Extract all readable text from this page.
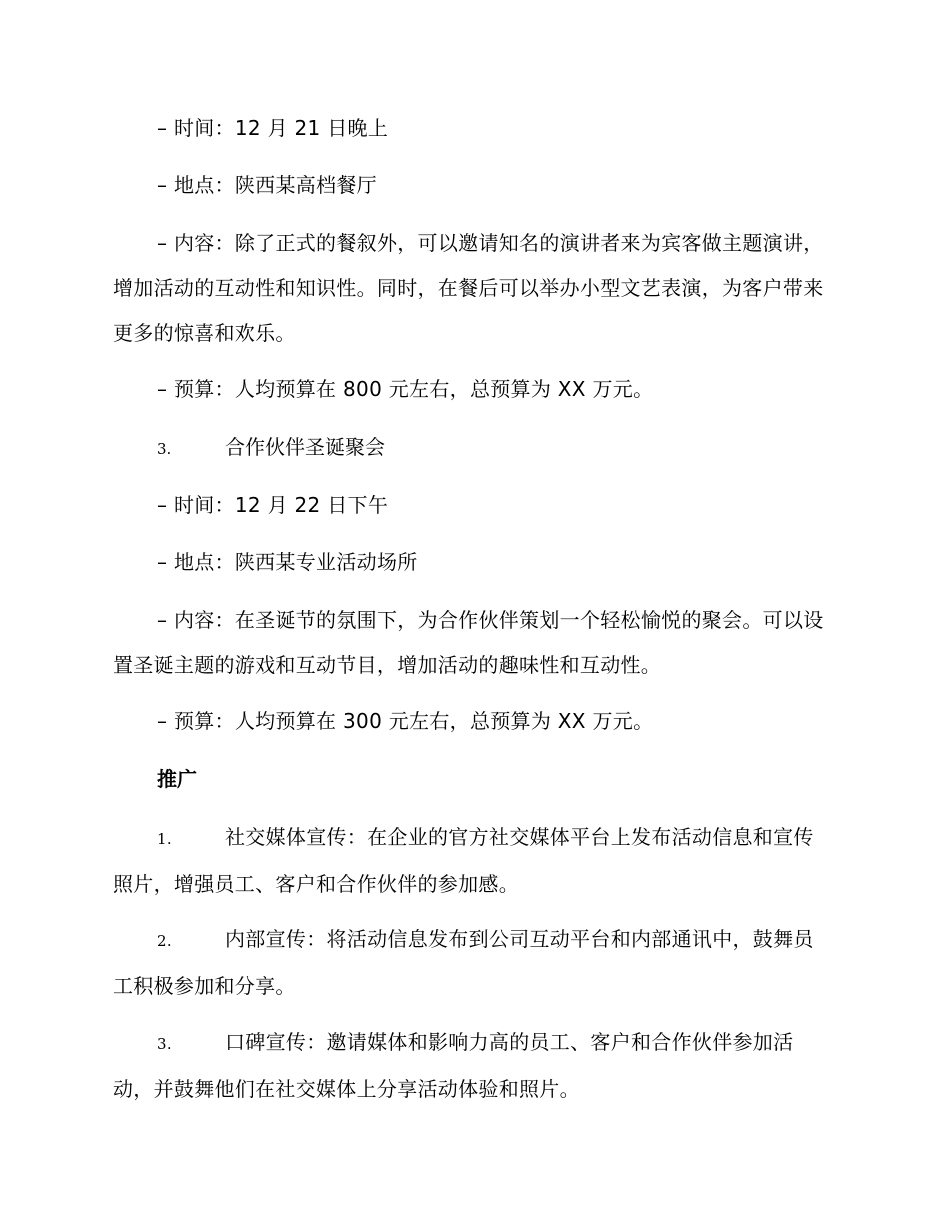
– 时间：12 月 21 日晚上

– 地点：陕西某高档餐厅

– 内容：除了正式的餐叙外，可以邀请知名的演讲者来为宾客做主题演讲，增加活动的互动性和知识性。同时，在餐后可以举办小型文艺表演，为客户带来更多的惊喜和欢乐。

– 预算：人均预算在 800 元左右，总预算为 XX 万元。

3.	合作伙伴圣诞聚会

– 时间：12 月 22 日下午

– 地点：陕西某专业活动场所

– 内容：在圣诞节的氛围下，为合作伙伴策划一个轻松愉悦的聚会。可以设置圣诞主题的游戏和互动节目，增加活动的趣味性和互动性。

– 预算：人均预算在 300 元左右，总预算为 XX 万元。

推广

1.	社交媒体宣传：在企业的官方社交媒体平台上发布活动信息和宣传照片，增强员工、客户和合作伙伴的参加感。

2.	内部宣传：将活动信息发布到公司互动平台和内部通讯中，鼓舞员工积极参加和分享。

3.	口碑宣传：邀请媒体和影响力高的员工、客户和合作伙伴参加活动，并鼓舞他们在社交媒体上分享活动体验和照片。
